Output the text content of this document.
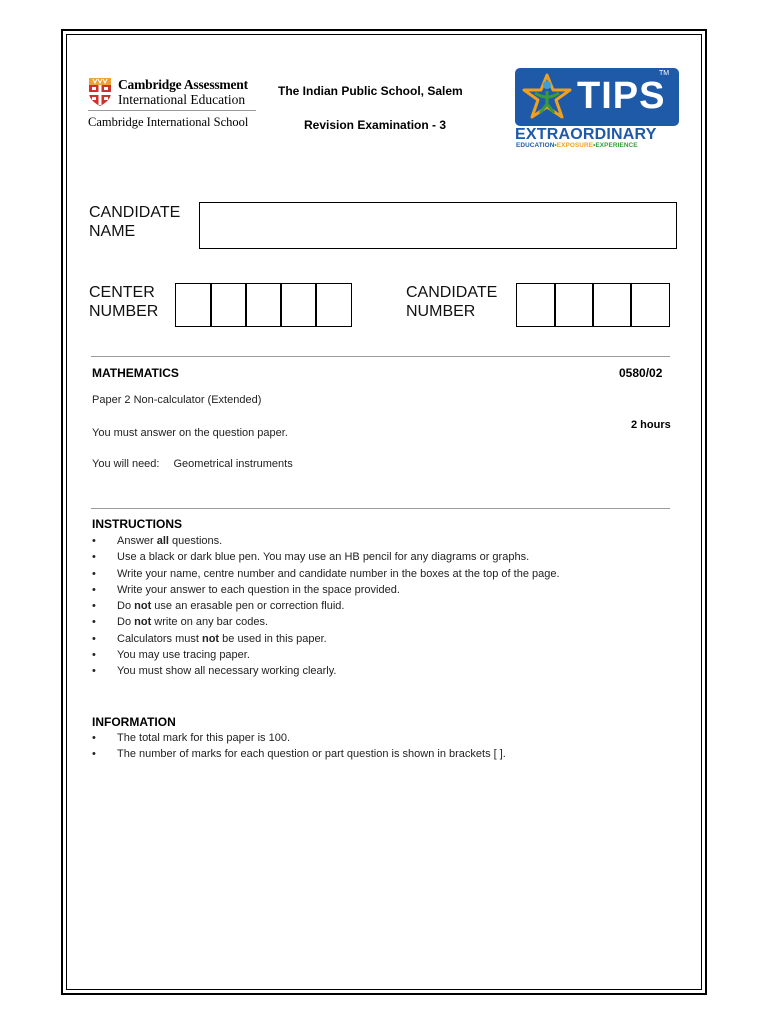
Cambridge Assessment
International Education
Cambridge International School
The Indian Public School, Salem
Revision Examination - 3
TIPS
TM
EXTRAORDINARY
EDUCATION•EXPOSURE•EXPERIENCE
CANDIDATE
NAME
CENTER
NUMBER
CANDIDATE
NUMBER
MATHEMATICS	0580/02
Paper 2 Non-calculator (Extended)
2 hours
You must answer on the question paper.
You will need: Geometrical instruments
INSTRUCTIONS
• Answer all questions.
• Use a black or dark blue pen. You may use an HB pencil for any diagrams or graphs.
• Write your name, centre number and candidate number in the boxes at the top of the page.
• Write your answer to each question in the space provided.
• Do not use an erasable pen or correction fluid.
• Do not write on any bar codes.
• Calculators must not be used in this paper.
• You may use tracing paper.
• You must show all necessary working clearly.
INFORMATION
• The total mark for this paper is 100.
• The number of marks for each question or part question is shown in brackets [ ].
